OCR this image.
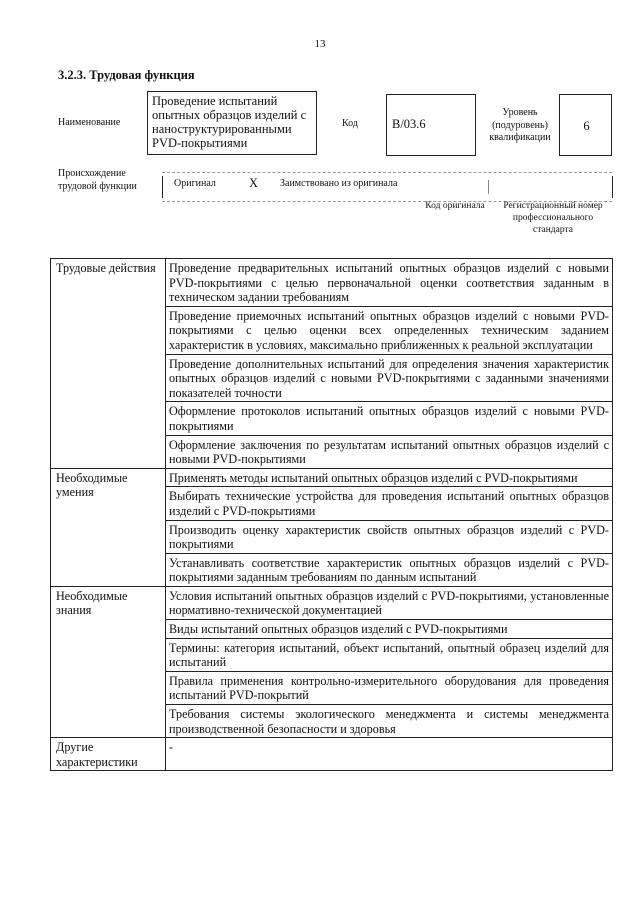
13
3.2.3. Трудовая функция
Наименование
Проведение испытаний опытных образцов изделий с наноструктурированными PVD-покрытиями
Код	B/03.6
Уровень (подуровень) квалификации
6
Происхождение трудовой функции	Оригинал	X Заимствовано из оригинала
Код оригинала	Регистрационный номер профессионального стандарта
Трудовые действия	Проведение предварительных испытаний опытных образцов изделий с новыми PVD-покрытиями с целью первоначальной оценки соответствия заданным в техническом задании требованиям
	Проведение приемочных испытаний опытных образцов изделий с новыми PVD-покрытиями с целью оценки всех определенных техническим заданием характеристик в условиях, максимально приближенных к реальной эксплуатации
	Проведение дополнительных испытаний для определения значения характеристик опытных образцов изделий с новыми PVD-покрытиями с заданными значениями показателей точности
	Оформление протоколов испытаний опытных образцов изделий с новыми PVD-покрытиями
	Оформление заключения по результатам испытаний опытных образцов изделий с новыми PVD-покрытиями
Необходимые умения	Применять методы испытаний опытных образцов изделий с PVD-покрытиями
	Выбирать технические устройства для проведения испытаний опытных образцов изделий с PVD-покрытиями
	Производить оценку характеристик свойств опытных образцов изделий с PVD-покрытиями
	Устанавливать соответствие характеристик опытных образцов изделий с PVD-покрытиями заданным требованиям по данным испытаний
Необходимые знания	Условия испытаний опытных образцов изделий с PVD-покрытиями, установленные нормативно-технической документацией
	Виды испытаний опытных образцов изделий с PVD-покрытиями
	Термины: категория испытаний, объект испытаний, опытный образец изделий для испытаний
	Правила применения контрольно-измерительного оборудования для проведения испытаний PVD-покрытий
	Требования системы экологического менеджмента и системы менеджмента производственной безопасности и здоровья
Другие характеристики	-
